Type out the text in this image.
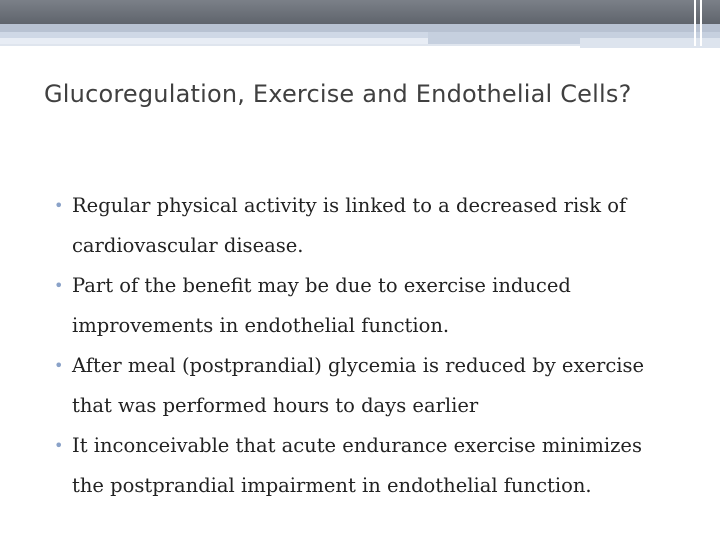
Glucoregulation, Exercise and Endothelial Cells?
• Regular physical activity is linked to a decreased risk of cardiovascular disease.
• Part of the benefit may be due to exercise induced improvements in endothelial function.
• After meal (postprandial) glycemia is reduced by exercise that was performed hours to days earlier
• It inconceivable that acute endurance exercise minimizes the postprandial impairment in endothelial function.
